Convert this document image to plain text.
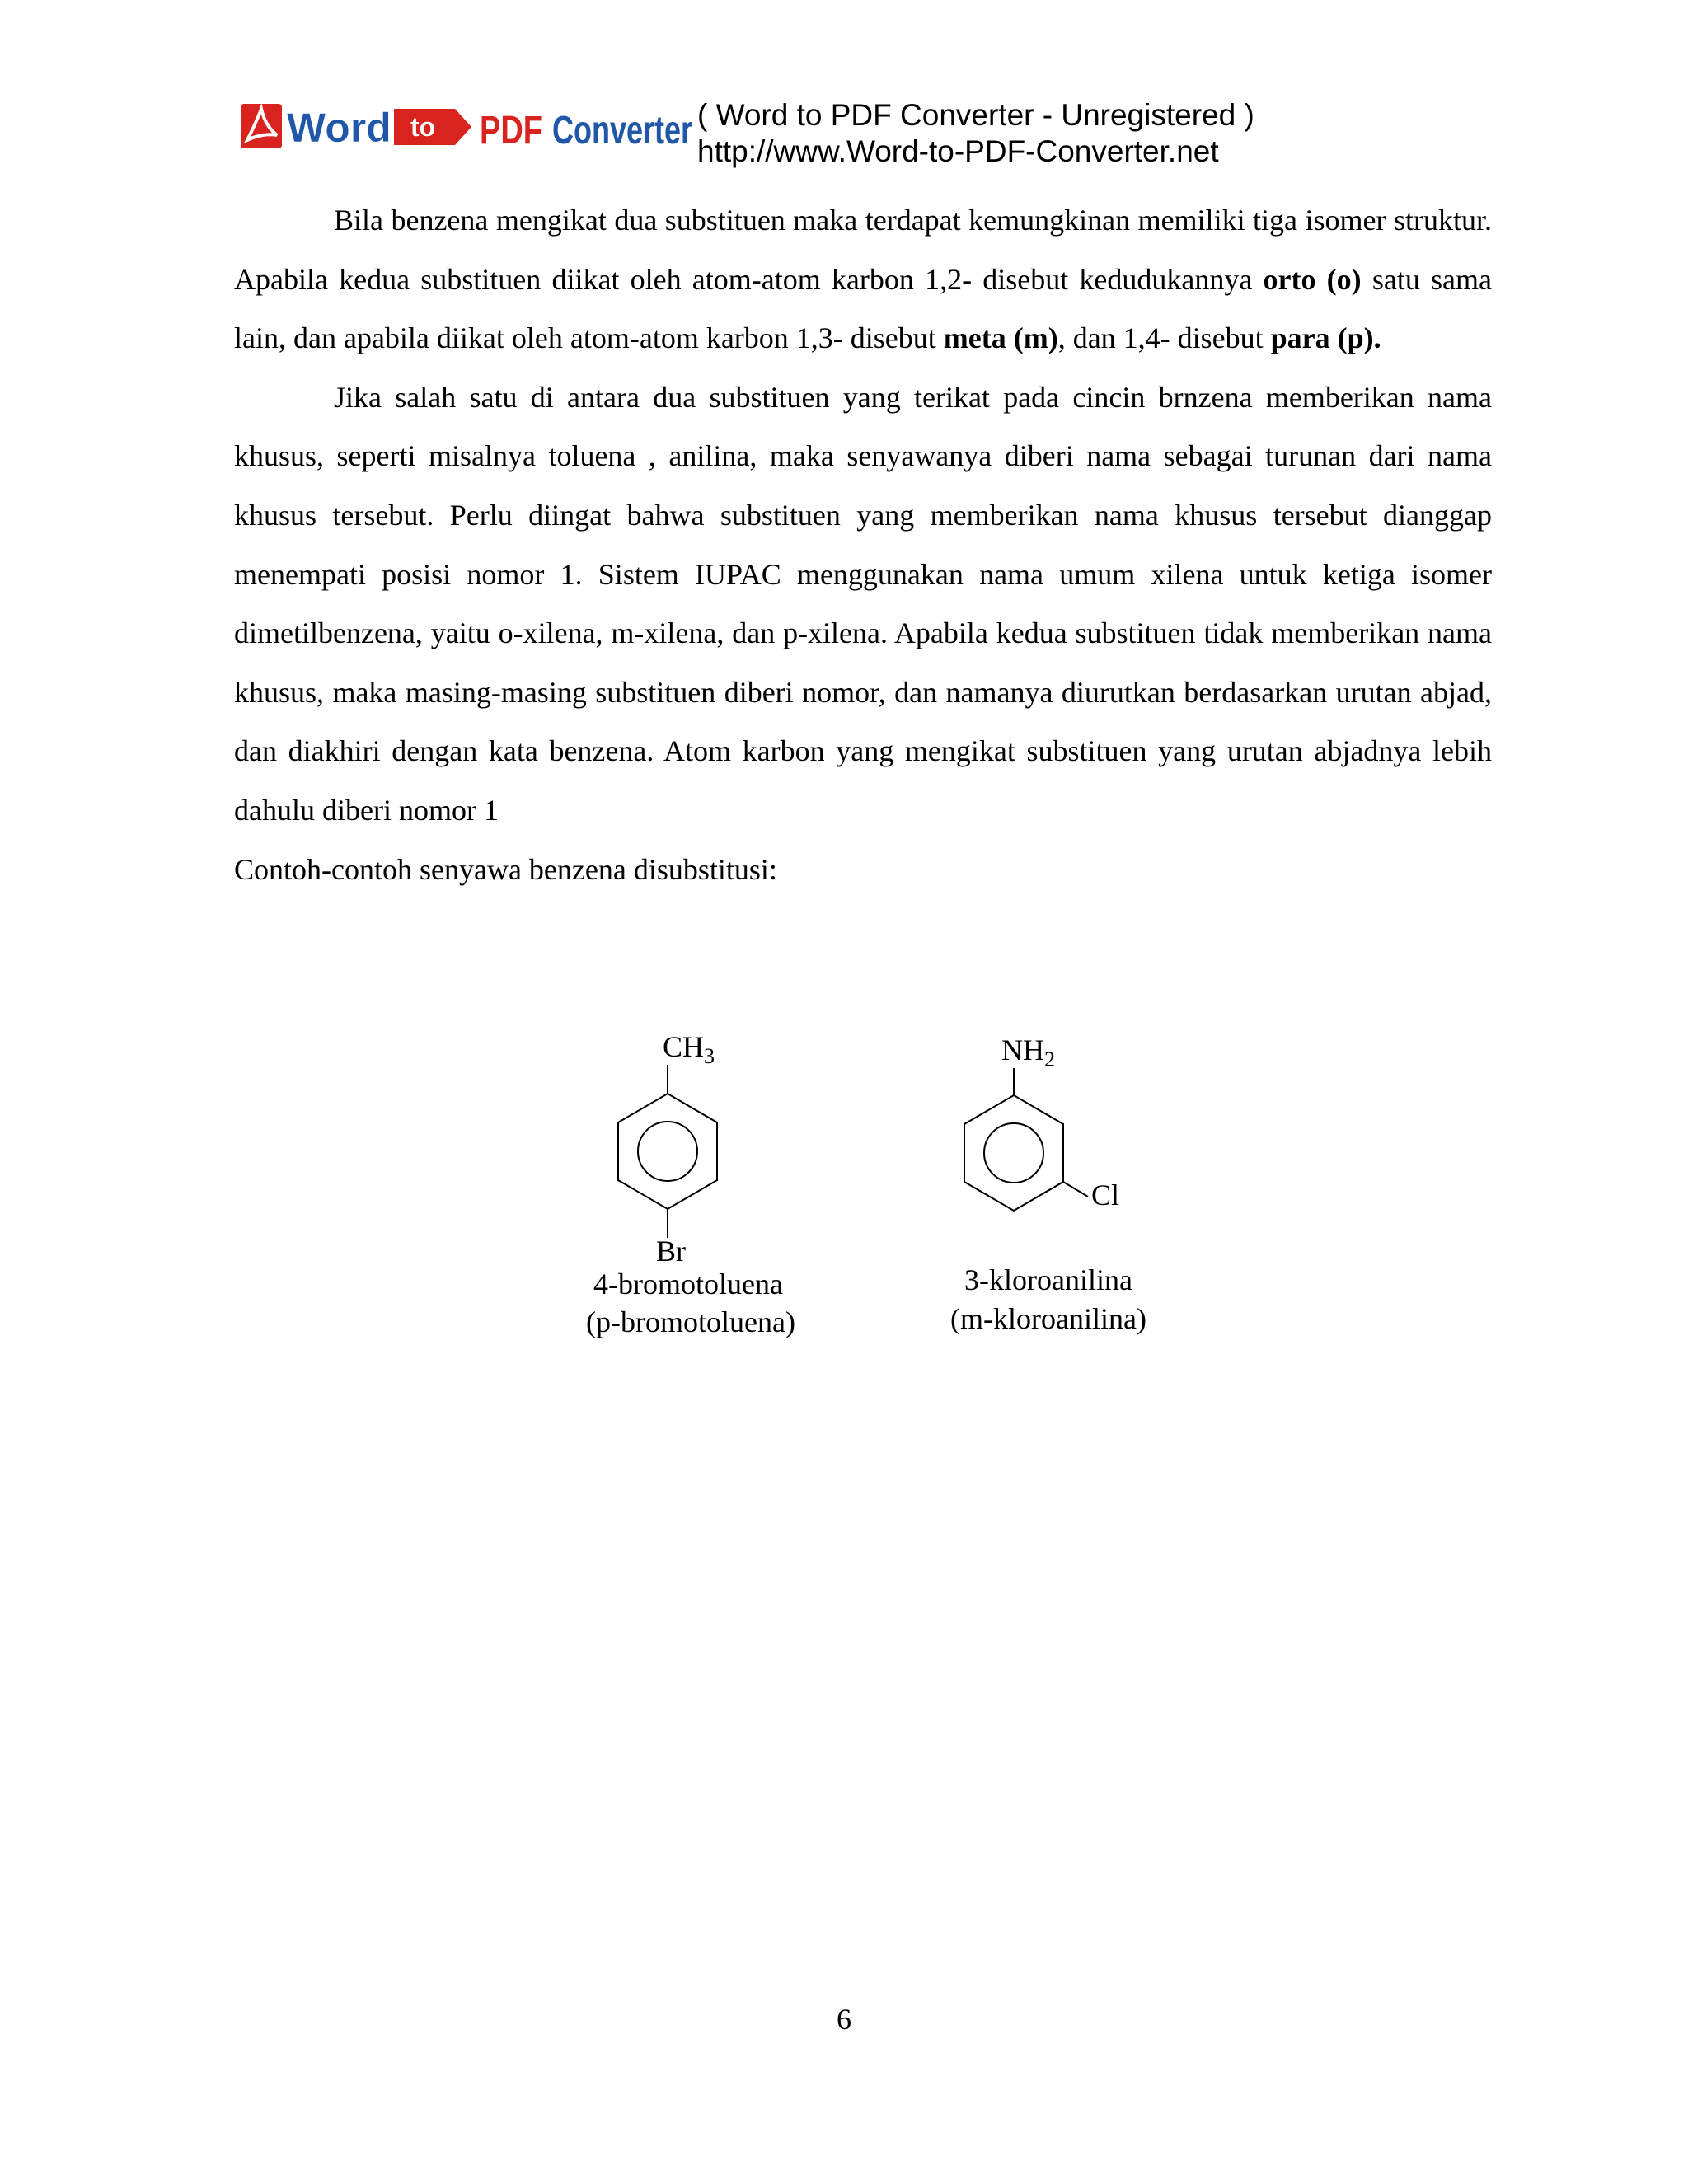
Word to PDF Converter ( Word to PDF Converter - Unregistered )
http://www.Word-to-PDF-Converter.net

Bila benzena mengikat dua substituen maka terdapat kemungkinan memiliki tiga isomer struktur. Apabila kedua substituen diikat oleh atom-atom karbon 1,2- disebut kedudukannya orto (o) satu sama lain, dan apabila diikat oleh atom-atom karbon 1,3- disebut meta (m), dan 1,4- disebut para (p).

Jika salah satu di antara dua substituen yang terikat pada cincin brnzena memberikan nama khusus, seperti misalnya toluena , anilina, maka senyawanya diberi nama sebagai turunan dari nama khusus tersebut. Perlu diingat bahwa substituen yang memberikan nama khusus tersebut dianggap menempati posisi nomor 1. Sistem IUPAC menggunakan nama umum xilena untuk ketiga isomer dimetilbenzena, yaitu o-xilena, m-xilena, dan p-xilena. Apabila kedua substituen tidak memberikan nama khusus, maka masing-masing substituen diberi nomor, dan namanya diurutkan berdasarkan urutan abjad, dan diakhiri dengan kata benzena. Atom karbon yang mengikat substituen yang urutan abjadnya lebih dahulu diberi nomor 1

Contoh-contoh senyawa benzena disubstitusi:

$CH_3$
Br
4-bromotoluena
(p-bromotoluena)
$NH_2$
Cl
3-kloroanilina
(m-kloroanilina)
6
